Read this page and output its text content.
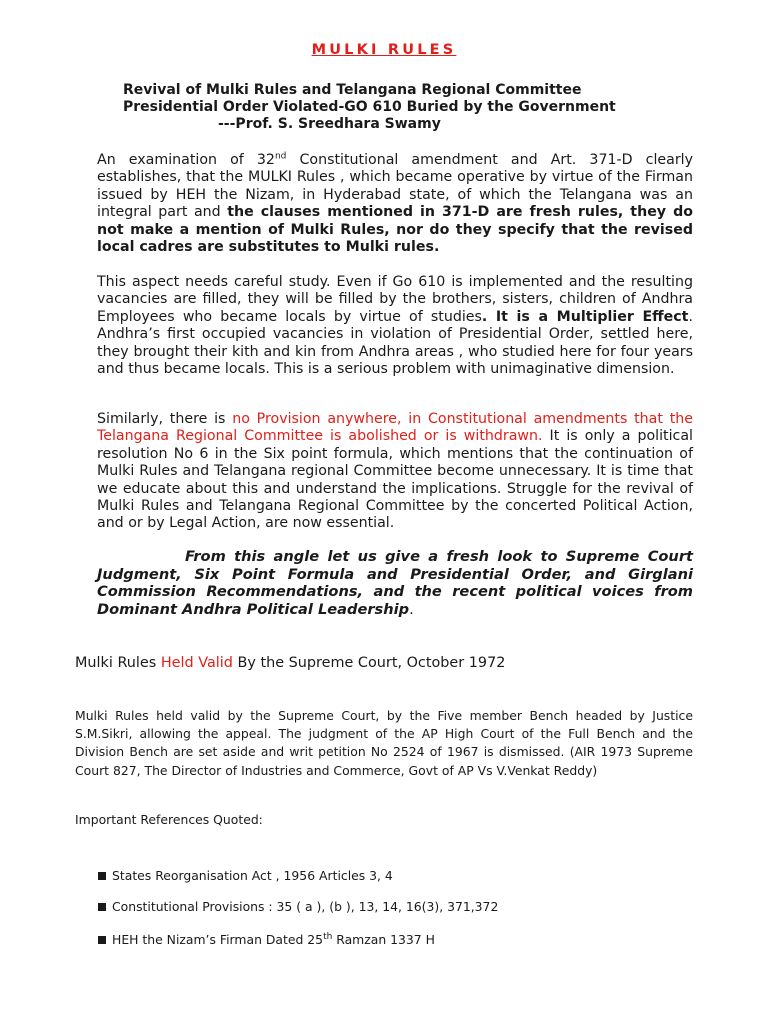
MULKI RULES
Revival of Mulki Rules and Telangana Regional Committee
Presidential Order Violated-GO 610 Buried by the Government
---Prof. S. Sreedhara Swamy
An examination of 32nd Constitutional amendment and Art. 371-D clearly establishes, that the MULKI Rules , which became operative by virtue of the Firman issued by HEH the Nizam, in Hyderabad state, of which the Telangana was an integral part and the clauses mentioned in 371-D are fresh rules, they do not make a mention of Mulki Rules, nor do they specify that the revised local cadres are substitutes to Mulki rules.
This aspect needs careful study. Even if Go 610 is implemented and the resulting vacancies are filled, they will be filled by the brothers, sisters, children of Andhra Employees who became locals by virtue of studies. It is a Multiplier Effect. Andhra’s first occupied vacancies in violation of Presidential Order, settled here, they brought their kith and kin from Andhra areas , who studied here for four years and thus became locals. This is a serious problem with unimaginative dimension.
Similarly, there is no Provision anywhere, in Constitutional amendments that the Telangana Regional Committee is abolished or is withdrawn. It is only a political resolution No 6 in the Six point formula, which mentions that the continuation of Mulki Rules and Telangana regional Committee become unnecessary. It is time that we educate about this and understand the implications. Struggle for the revival of Mulki Rules and Telangana Regional Committee by the concerted Political Action, and or by Legal Action, are now essential.
From this angle let us give a fresh look to Supreme Court Judgment, Six Point Formula and Presidential Order, and Girglani Commission Recommendations, and the recent political voices from Dominant Andhra Political Leadership.
Mulki Rules Held Valid By the Supreme Court, October 1972
Mulki Rules held valid by the Supreme Court, by the Five member Bench headed by Justice S.M.Sikri, allowing the appeal. The judgment of the AP High Court of the Full Bench and the Division Bench are set aside and writ petition No 2524 of 1967 is dismissed. (AIR 1973 Supreme Court 827, The Director of Industries and Commerce, Govt of AP Vs V.Venkat Reddy)
Important References Quoted:
States Reorganisation Act , 1956 Articles 3, 4
Constitutional Provisions : 35 ( a ), (b ), 13, 14, 16(3), 371,372
HEH the Nizam’s Firman Dated 25th Ramzan 1337 H
